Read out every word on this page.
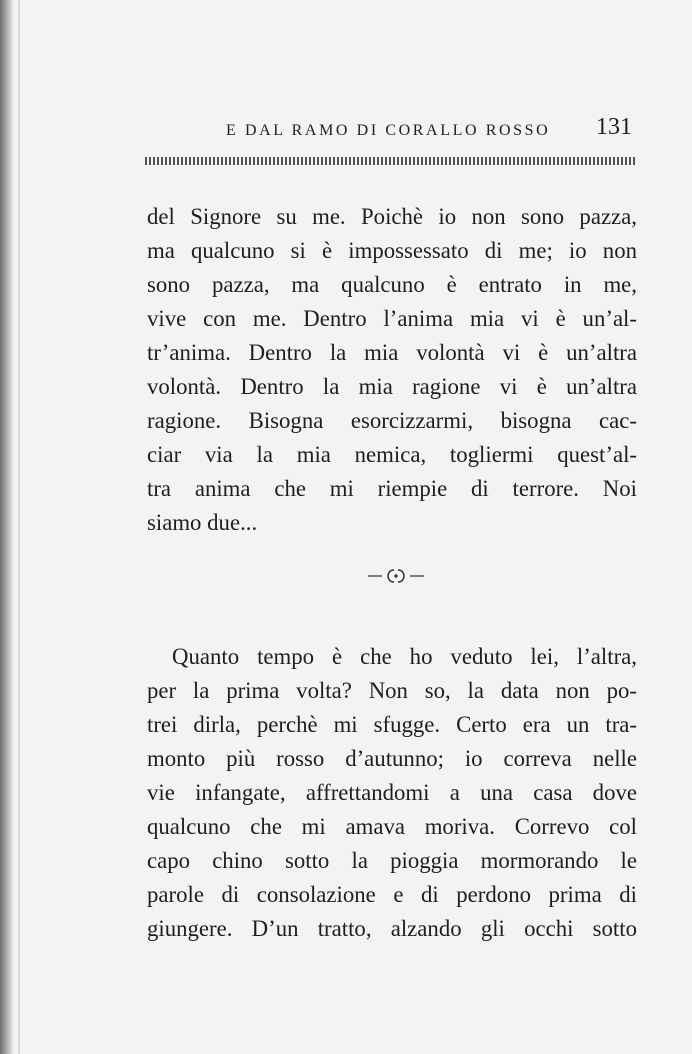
E DAL RAMO DI CORALLO ROSSO 131
del Signore su me. Poichè io non sono pazza,
ma qualcuno si è impossessato di me; io non
sono pazza, ma qualcuno è entrato in me,
vive con me. Dentro l’anima mia vi è un’al-
tr’anima. Dentro la mia volontà vi è un’altra
volontà. Dentro la mia ragione vi è un’altra
ragione. Bisogna esorcizzarmi, bisogna cac-
ciar via la mia nemica, togliermi quest’al-
tra anima che mi riempie di terrore. Noi
siamo due...
Quanto tempo è che ho veduto lei, l’altra,
per la prima volta? Non so, la data non po-
trei dirla, perchè mi sfugge. Certo era un tra-
monto più rosso d’autunno; io correva nelle
vie infangate, affrettandomi a una casa dove
qualcuno che mi amava moriva. Correvo col
capo chino sotto la pioggia mormorando le
parole di consolazione e di perdono prima di
giungere. D’un tratto, alzando gli occhi sotto
